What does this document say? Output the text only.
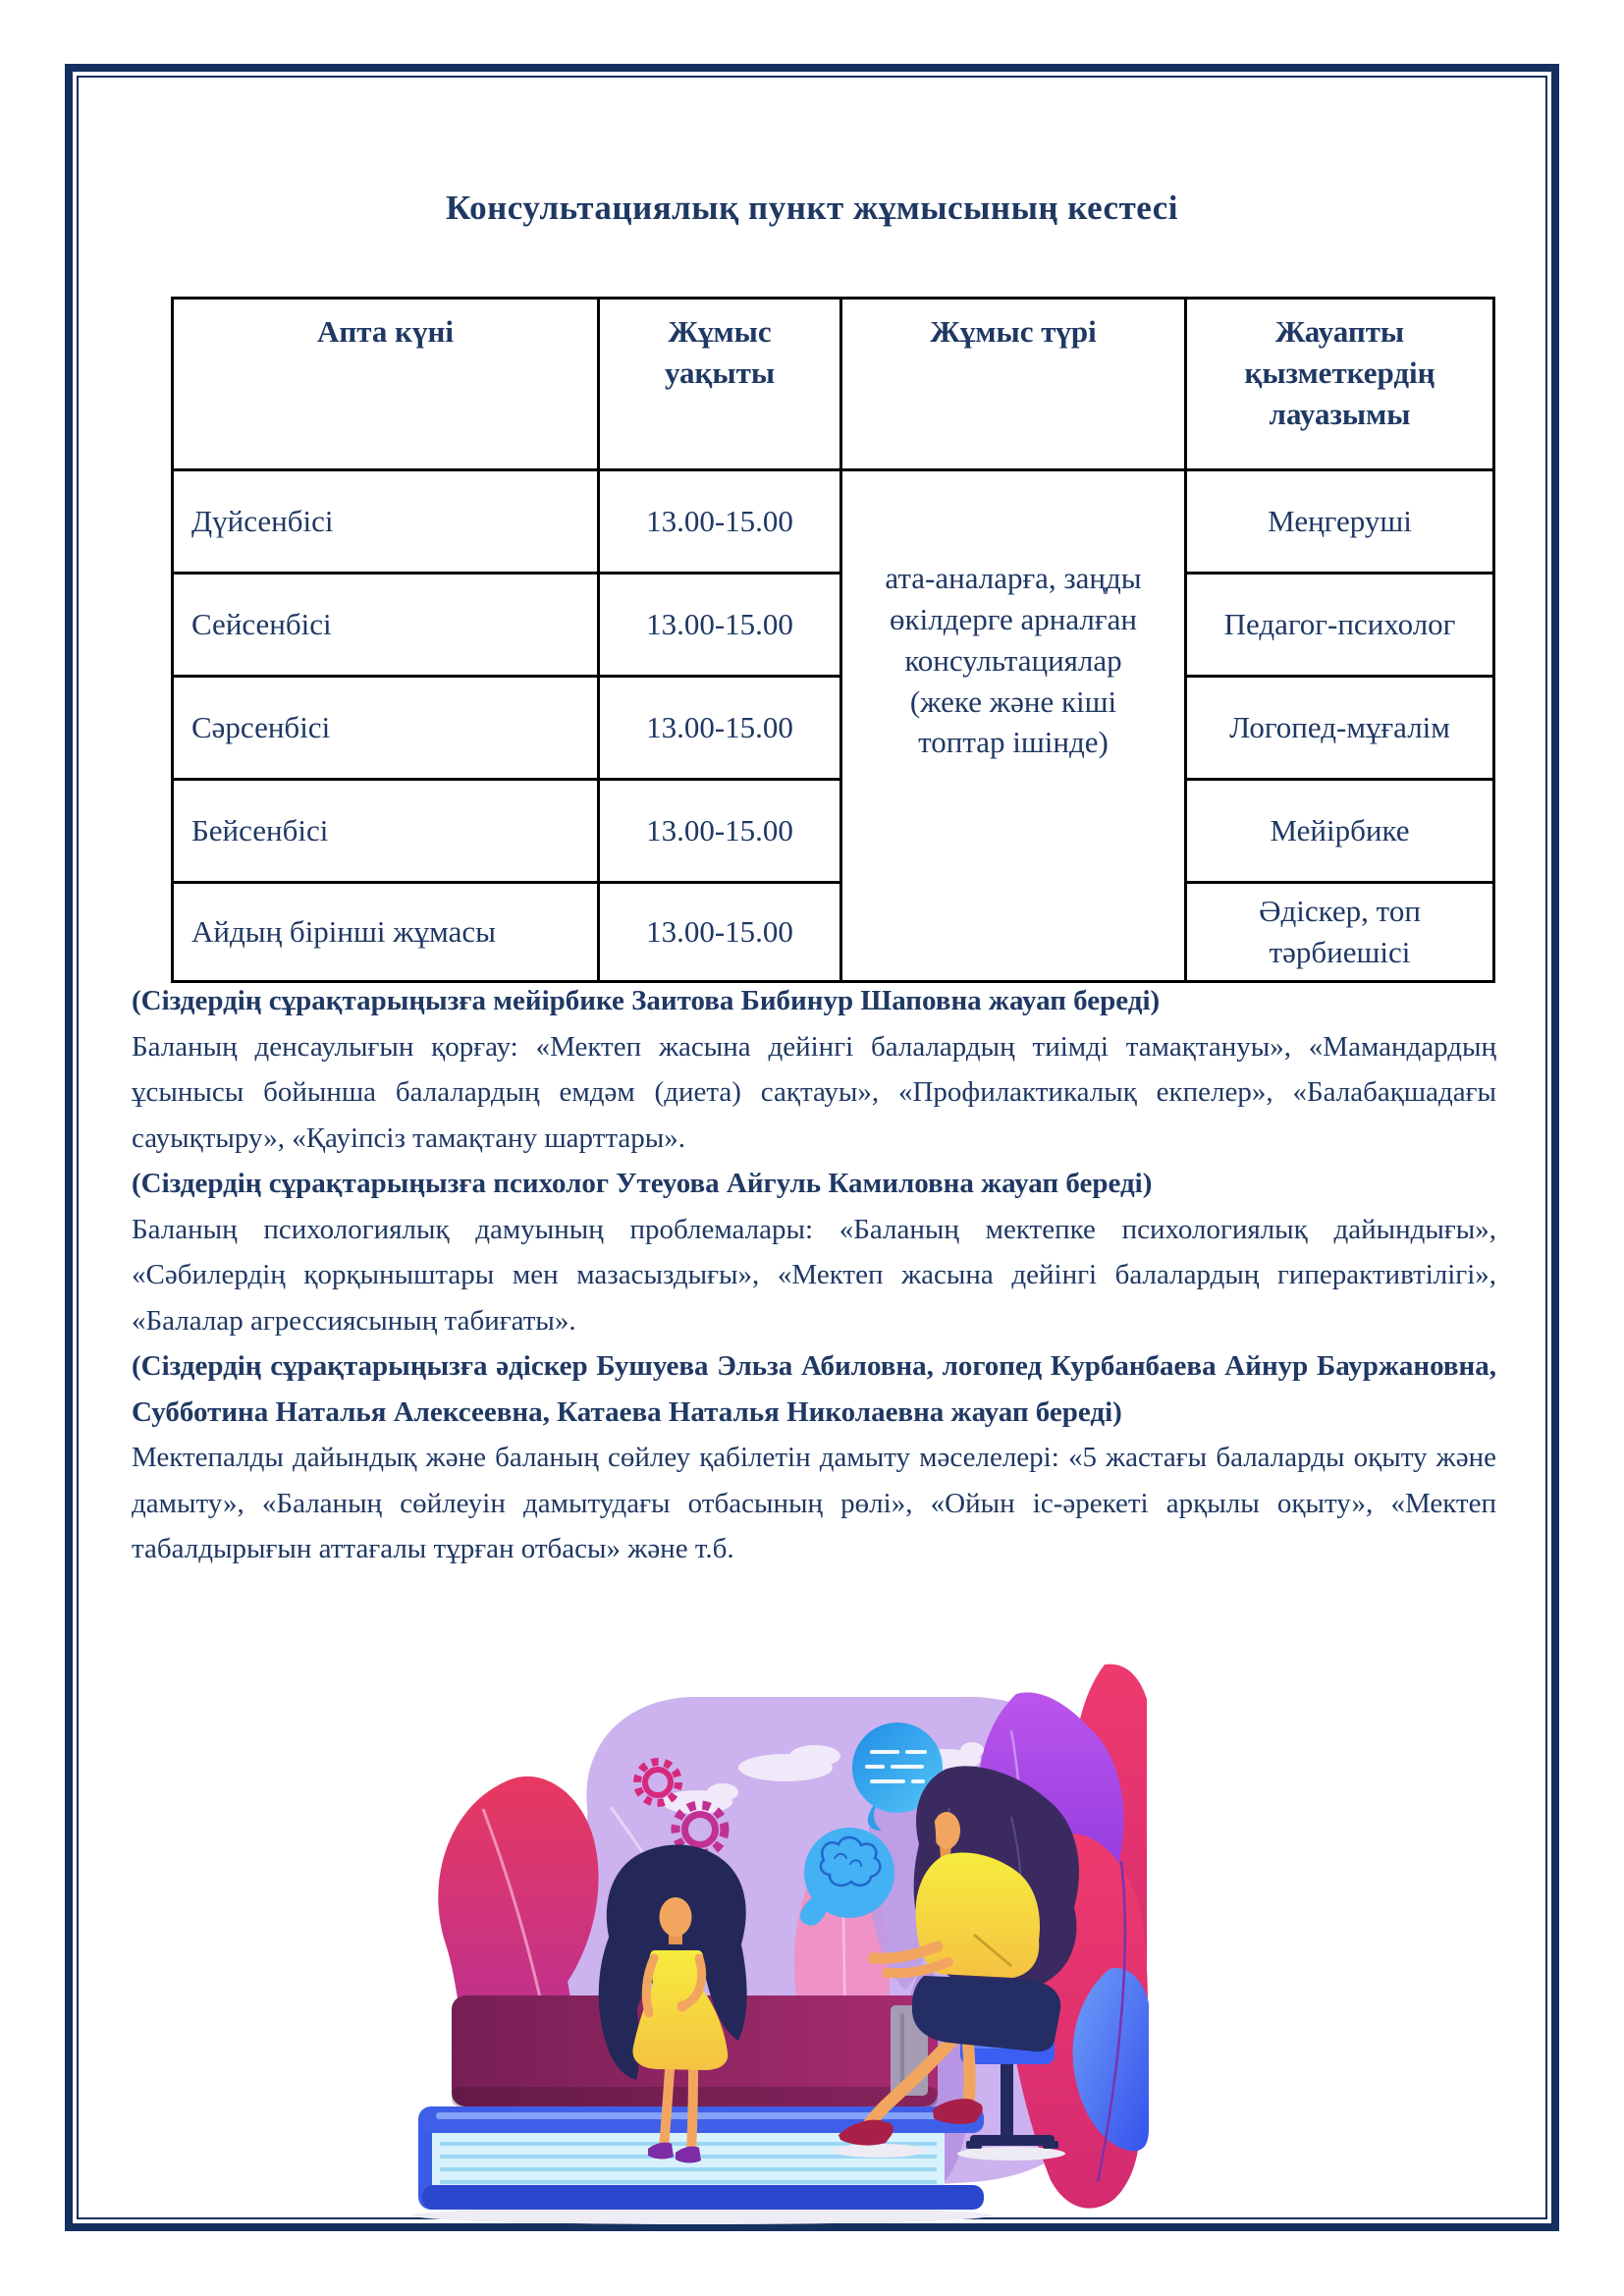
Консультациялық пункт жұмысының кестесі
Апта күні	Жұмыс уақыты	Жұмыс түрі	Жауапты қызметкердің лауазымы
Дүйсенбісі	13.00-15.00	ата-аналарға, заңды өкілдерге арналған консультациялар (жеке және кіші топтар ішінде)	Меңгеруші
Сейсенбісі	13.00-15.00		Педагог-психолог
Сәрсенбісі	13.00-15.00		Логопед-мұғалім
Бейсенбісі	13.00-15.00		Мейірбике
Айдың бірінші жұмасы	13.00-15.00		Әдіскер, топ тәрбиешісі

(Сіздердің сұрақтарыңызға мейірбике Заитова Бибинур Шаповна жауап береді)

Баланың денсаулығын қорғау: «Мектеп жасына дейінгі балалардың тиімді тамақтануы», «Мамандардың ұсынысы бойынша балалардың емдәм (диета) сақтауы», «Профилактикалық екпелер», «Балабақшадағы сауықтыру», «Қауіпсіз тамақтану шарттары».

(Сіздердің сұрақтарыңызға психолог Утеуова Айгуль Камиловна жауап береді)

Баланың психологиялық дамуының проблемалары: «Баланың мектепке психологиялық дайындығы», «Сәбилердің қорқыныштары мен мазасыздығы», «Мектеп жасына дейінгі балалардың гиперактивтілігі», «Балалар агрессиясының табиғаты».

(Сіздердің сұрақтарыңызға әдіскер Бушуева Эльза Абиловна, логопед Курбанбаева Айнур Бауржановна, Субботина Наталья Алексеевна, Катаева Наталья Николаевна жауап береді)

Мектепалды дайындық және баланың сөйлеу қабілетін дамыту мәселелері: «5 жастағы балаларды оқыту және дамыту», «Баланың сөйлеуін дамытудағы отбасының рөлі», «Ойын іс-әрекеті арқылы оқыту», «Мектеп табалдырығын аттағалы тұрған отбасы» және т.б.
